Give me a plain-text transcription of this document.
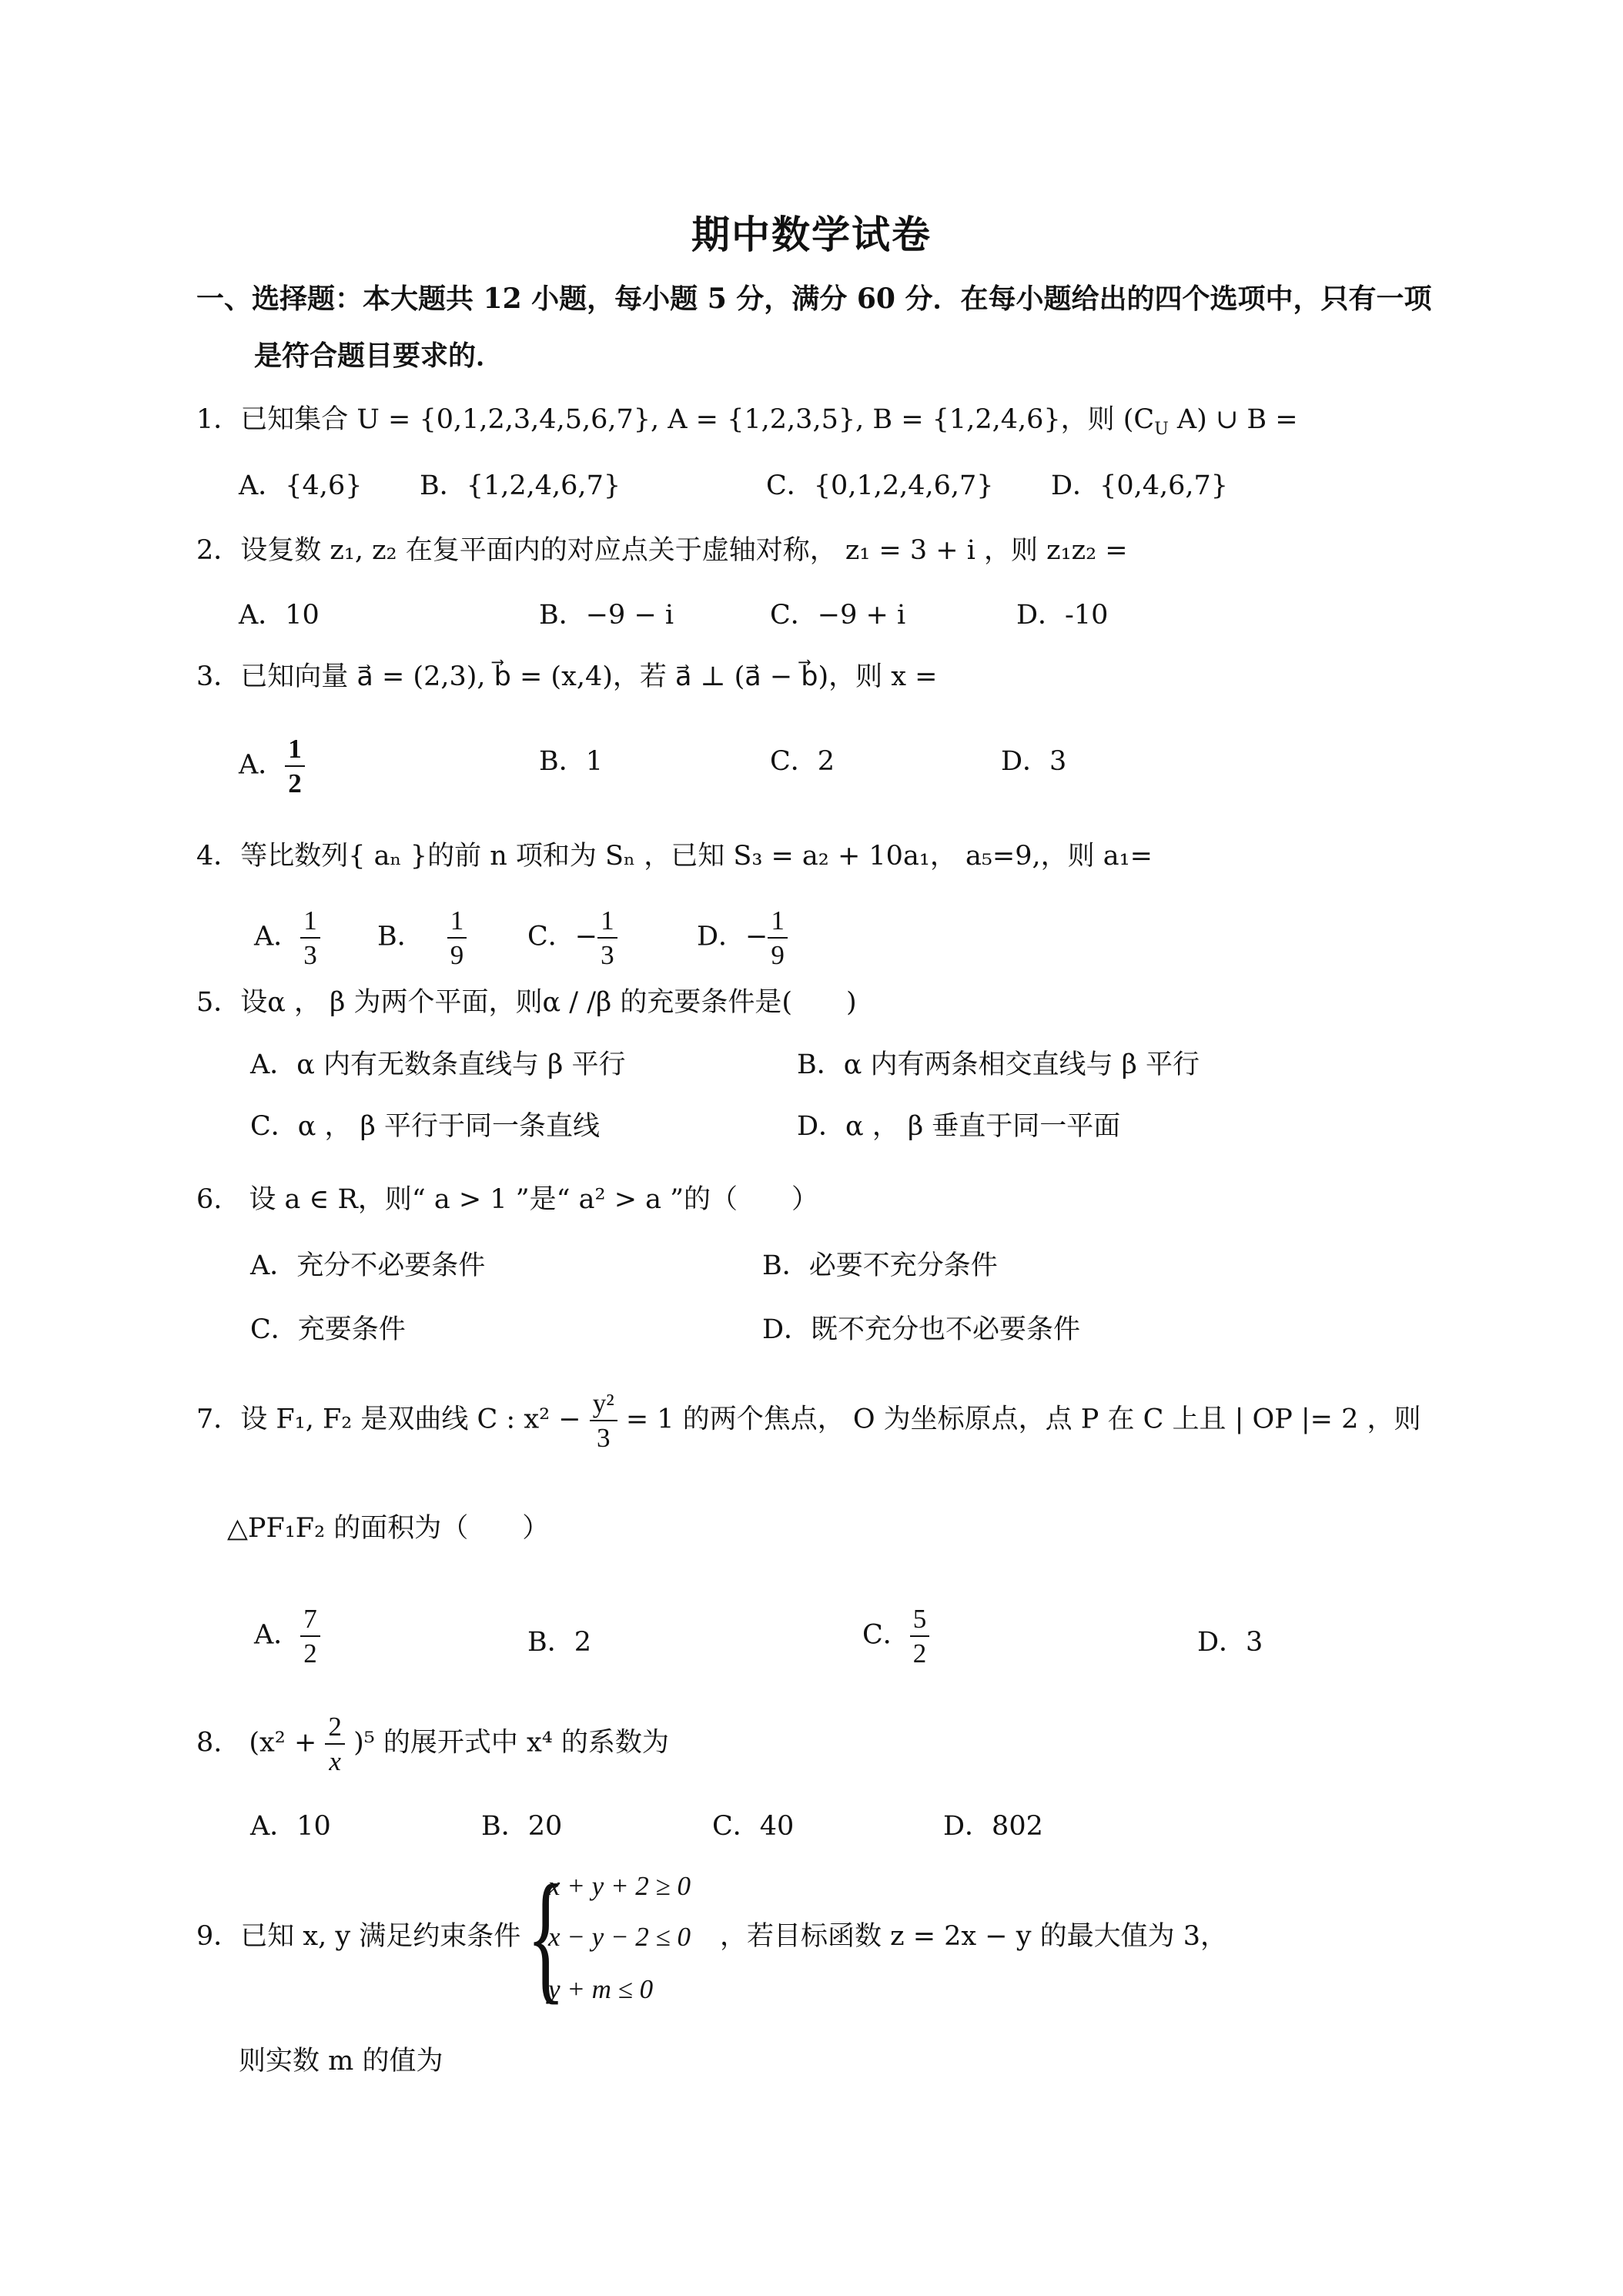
期中数学试卷
一、选择题：本大题共 12 小题，每小题 5 分，满分 60 分．在每小题给出的四个选项中，只有一项
是符合题目要求的．
1．已知集合 U = {0,1,2,3,4,5,6,7}, A = {1,2,3,5}, B = {1,2,4,6}，则 ($C_U$ A) ∪ B =
A．{4,6} B．{1,2,4,6,7}	C．{0,1,2,4,6,7} D．{0,4,6,7}
2．设复数 z₁, z₂ 在复平面内的对应点关于虚轴对称， z₁ = 3 + i ，则 z₁z₂ =
A．10	B．−9 − i	C．−9 + i	D．-10
3．已知向量 a⃗ = (2,3), b⃗ = (x,4)，若 a⃗ ⊥ (a⃗ − b⃗)，则 x =
A． $\frac{1}{2}$	B．1	C．2	D．3
4．等比数列{ aₙ }的前 n 项和为 Sₙ ，已知 S₃ = a₂ + 10a₁， a₅=9,，则 a₁=
A． $\frac{1}{3}$ B． $\frac{1}{9}$ C．− $\frac{1}{3}$	D．− $\frac{1}{9}$
5．设α ， β 为两个平面，则α / /β 的充要条件是(　　)
A．α 内有无数条直线与 β 平行	B．α 内有两条相交直线与 β 平行
C．α ， β 平行于同一条直线	D．α ， β 垂直于同一平面
6.　设 a ∈ R，则“ a > 1 ”是“ a² > a ”的（　　）
A．充分不必要条件	B．必要不充分条件
C．充要条件	D．既不充分也不必要条件
7．设 F₁, F₂ 是双曲线 C : $x^2 - \frac{\text{y²}}{3} = 1$ 的两个焦点， O 为坐标原点，点 P 在 C 上且 | OP |= 2 ，则
△PF₁F₂ 的面积为（　　）
A． $\frac{7}{2}$	B．2	C． $\frac{5}{2}$	D．3
8.　$(x^2 + \frac{2}{x} )^5$ 的展开式中 x⁴ 的系数为
A．10	B．20	C．40	D．802
9．已知 x, y 满足约束条件 {
x + y + 2 ≥ 0
x − y − 2 ≤ 0
y + m ≤ 0
，若目标函数 z = 2x − y 的最大值为 3，
则实数 m 的值为
